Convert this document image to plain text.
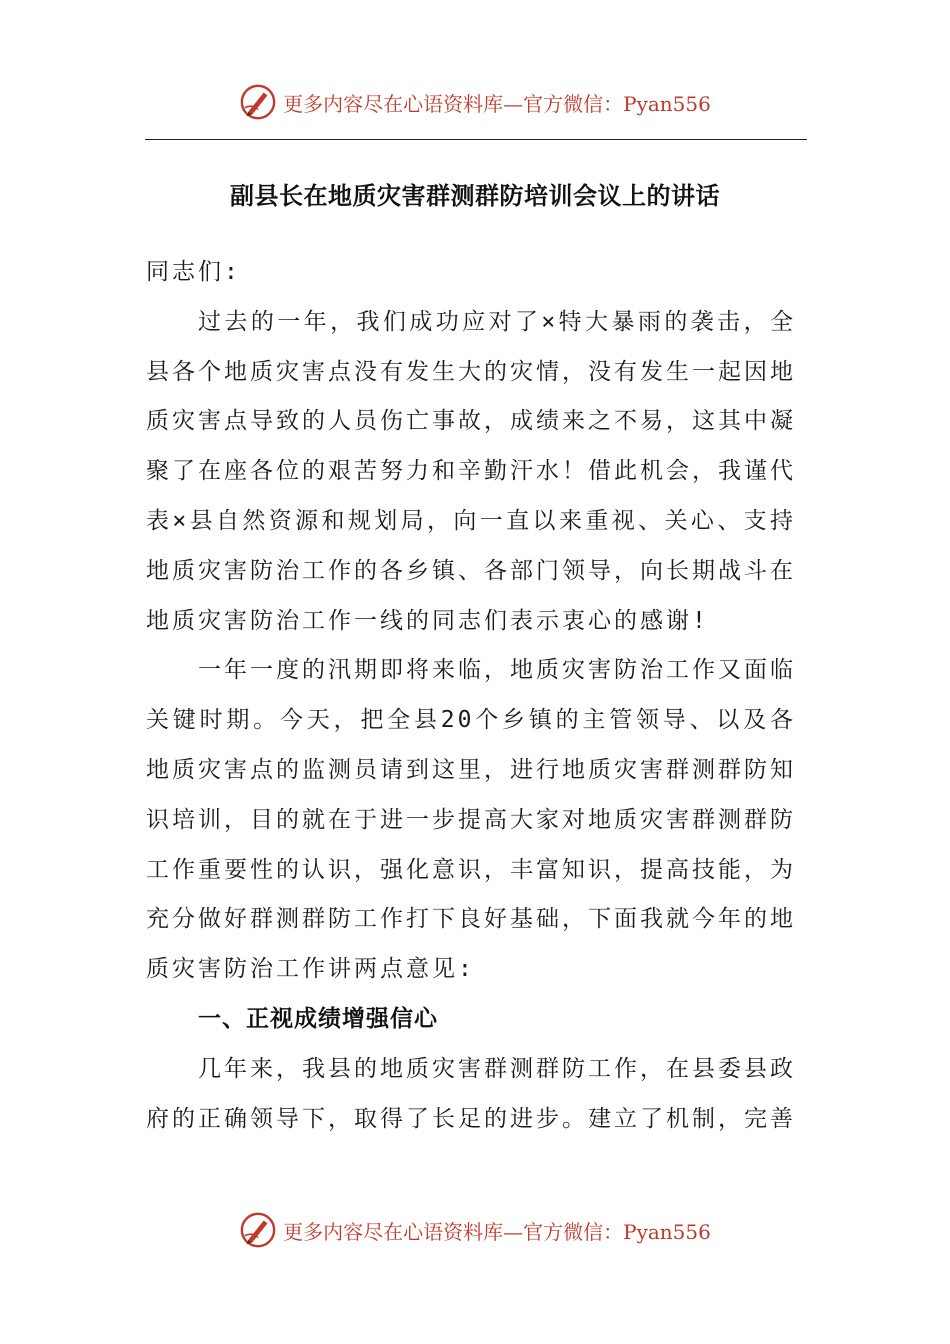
更多内容尽在心语资料库—官方微信：Pyan556
副县长在地质灾害群测群防培训会议上的讲话

同志们:

过去的一年，我们成功应对了×特大暴雨的袭击，全县各个地质灾害点没有发生大的灾情，没有发生一起因地质灾害点导致的人员伤亡事故，成绩来之不易，这其中凝聚了在座各位的艰苦努力和辛勤汗水！借此机会，我谨代表×县自然资源和规划局，向一直以来重视、关心、支持地质灾害防治工作的各乡镇、各部门领导，向长期战斗在地质灾害防治工作一线的同志们表示衷心的感谢!

一年一度的汛期即将来临，地质灾害防治工作又面临关键时期。今天，把全县20个乡镇的主管领导、以及各地质灾害点的监测员请到这里，进行地质灾害群测群防知识培训，目的就在于进一步提高大家对地质灾害群测群防工作重要性的认识，强化意识，丰富知识，提高技能，为充分做好群测群防工作打下良好基础，下面我就今年的地质灾害防治工作讲两点意见:

一、正视成绩增强信心

几年来，我县的地质灾害群测群防工作，在县委县政府的正确领导下，取得了长足的进步。建立了机制，完善

更多内容尽在心语资料库—官方微信：Pyan556
